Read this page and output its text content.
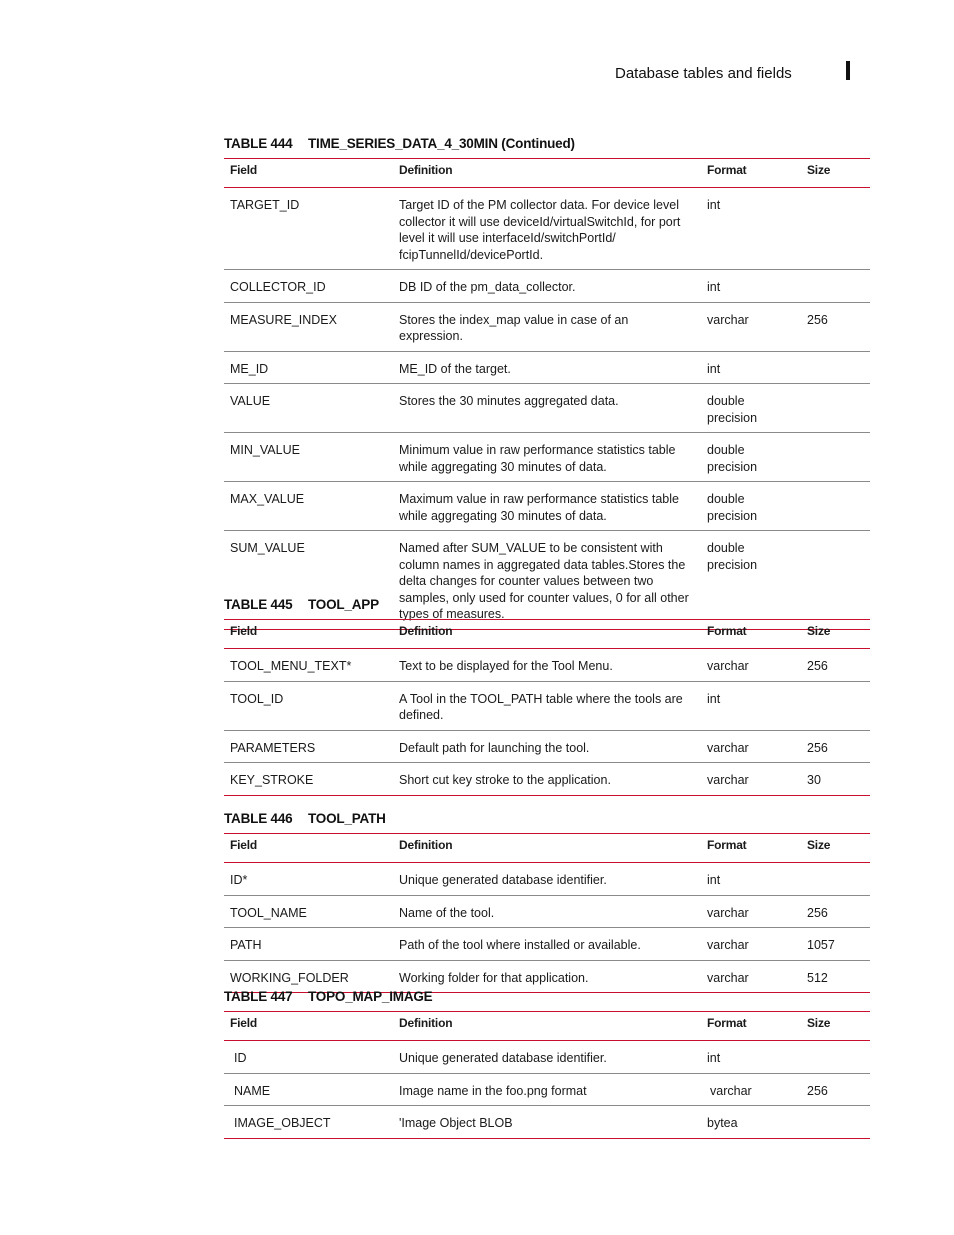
Database tables and fields
TABLE 444 TIME_SERIES_DATA_4_30MIN (Continued)
Field	Definition	Format	Size
TARGET_ID	Target ID of the PM collector data. For device level collector it will use deviceId/virtualSwitchId, for port level it will use interfaceId/switchPortId/ fcipTunnelId/devicePortId.	int	
COLLECTOR_ID	DB ID of the pm_data_collector.	int	
MEASURE_INDEX	Stores the index_map value in case of an expression.	varchar	256
ME_ID	ME_ID of the target.	int	
VALUE	Stores the 30 minutes aggregated data.	double precision	
MIN_VALUE	Minimum value in raw performance statistics table while aggregating 30 minutes of data.	double precision	
MAX_VALUE	Maximum value in raw performance statistics table while aggregating 30 minutes of data.	double precision	
SUM_VALUE	Named after SUM_VALUE to be consistent with column names in aggregated data tables.Stores the delta changes for counter values between two samples, only used for counter values, 0 for all other types of measures.	double precision	
TABLE 445 TOOL_APP
Field	Definition	Format	Size
TOOL_MENU_TEXT*	Text to be displayed for the Tool Menu.	varchar	256
TOOL_ID	A Tool in the TOOL_PATH table where the tools are defined.	int	
PARAMETERS	Default path for launching the tool.	varchar	256
KEY_STROKE	Short cut key stroke to the application.	varchar	30
TABLE 446 TOOL_PATH
Field	Definition	Format	Size
ID*	Unique generated database identifier.	int	
TOOL_NAME	Name of the tool.	varchar	256
PATH	Path of the tool where installed or available.	varchar	1057
WORKING_FOLDER	Working folder for that application.	varchar	512
TABLE 447 TOPO_MAP_IMAGE
Field	Definition	Format	Size
ID	Unique generated database identifier.	int	
NAME	Image name in the foo.png format	varchar	256
IMAGE_OBJECT	'Image Object BLOB	bytea	
